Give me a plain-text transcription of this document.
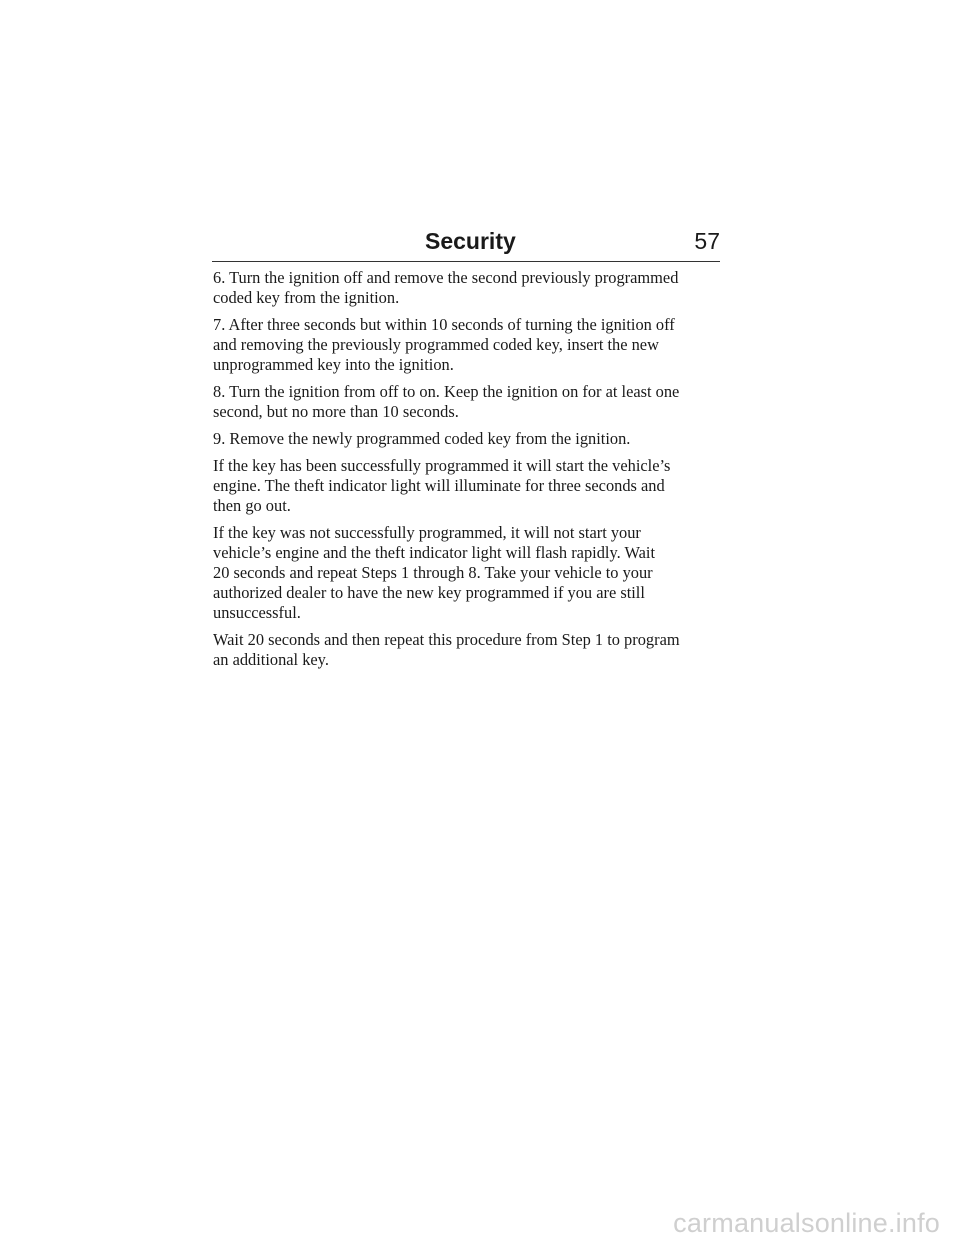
Security	57

6. Turn the ignition off and remove the second previously programmed
coded key from the ignition.

7. After three seconds but within 10 seconds of turning the ignition off
and removing the previously programmed coded key, insert the new
unprogrammed key into the ignition.

8. Turn the ignition from off to on. Keep the ignition on for at least one
second, but no more than 10 seconds.

9. Remove the newly programmed coded key from the ignition.

If the key has been successfully programmed it will start the vehicle’s
engine. The theft indicator light will illuminate for three seconds and
then go out.

If the key was not successfully programmed, it will not start your
vehicle’s engine and the theft indicator light will flash rapidly. Wait
20 seconds and repeat Steps 1 through 8. Take your vehicle to your
authorized dealer to have the new key programmed if you are still
unsuccessful.

Wait 20 seconds and then repeat this procedure from Step 1 to program
an additional key.

carmanualsonline.info
